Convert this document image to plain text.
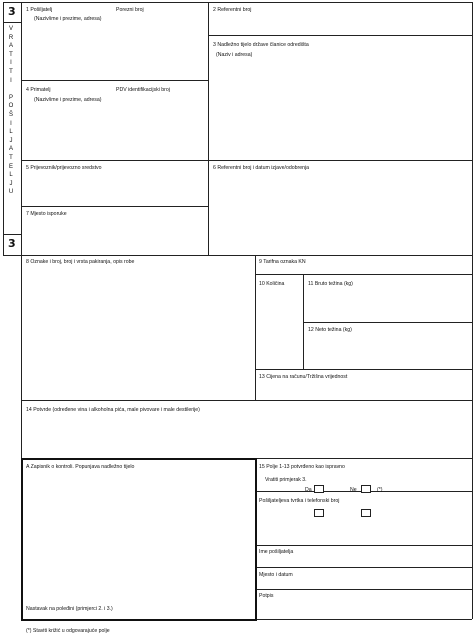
3
3
V
R
A
T
I
T
I
P
O
Š
I
L
J
A
T
E
L
J
U
1 Pošiljatelj	Porezni broj
(Naziv/ime i prezime, adresa)
2 Referentni broj
3 Nadležno tijelo države članice odredišta
(Naziv i adresa)
4 Primatelj	PDV identifikacijski broj
(Naziv/ime i prezime, adresa)
5 Prijevoznik/prijevozno sredstvo	6 Referentni broj i datum izjave/odobrenja
7 Mjesto isporuke
8 Oznake i broj, broj i vrsta pakiranja, opis robe	9 Tarifna oznaka KN
10 Količina	11 Bruto težina (kg)
12 Neto težina (kg)
13 Cijena na računu/Tržišna vrijednost
14 Potvrde (određene vina i alkoholna pića, male pivovare i male destilerije)
A Zapisnik o kontroli. Popunjava nadležno tijelo
Nastavak na poleđini (primjerci 2. i 3.)
15 Polje 1-13 potvrđeno kao ispravno
Vratiti primjerak 3.
Da	Ne	(*)
Pošiljateljeva tvrtka i telefonski broj
Ime pošiljatelja
Mjesto i datum
Potpis
(*) Staviti križić u odgovarajuće polje
